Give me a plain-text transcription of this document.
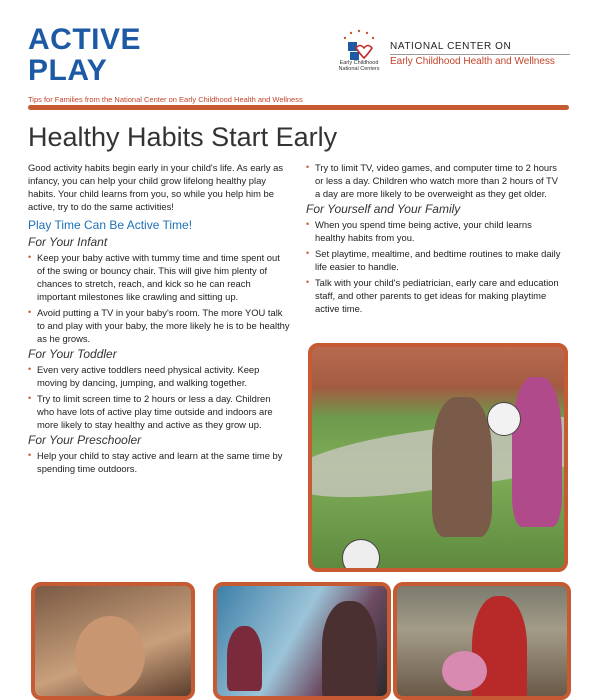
ACTIVE
PLAY
Tips for Families from the National Center on Early Childhood Health and Wellness
Early Childhood
National Centers
NATIONAL CENTER ON
Early Childhood Health and Wellness
Healthy Habits Start Early

Good activity habits begin early in your child's life. As early as infancy, you can help your child grow lifelong healthy play habits. Your child learns from you, so while you help him be active, try to do the same activities!

Play Time Can Be Active Time!
For Your Infant
• Keep your baby active with tummy time and time spent out of the swing or bouncy chair. This will give him plenty of chances to stretch, reach, and kick so he can reach important milestones like crawling and sitting up.
• Avoid putting a TV in your baby's room. The more YOU talk to and play with your baby, the more likely he is to be healthy as he grows.
For Your Toddler
• Even very active toddlers need physical activity. Keep moving by dancing, jumping, and walking together.
• Try to limit screen time to 2 hours or less a day. Children who have lots of active play time outside and indoors are more likely to stay healthy and active as they grow up.
For Your Preschooler
• Help your child to stay active and learn at the same time by spending time outdoors.
• Try to limit TV, video games, and computer time to 2 hours or less a day. Children who watch more than 2 hours of TV a day are more likely to be overweight as they get older.
For Yourself and Your Family
• When you spend time being active, your child learns healthy habits from you.
• Set playtime, mealtime, and bedtime routines to make daily life easier to handle.
• Talk with your child's pediatrician, early care and education staff, and other parents to get ideas for making playtime active time.
